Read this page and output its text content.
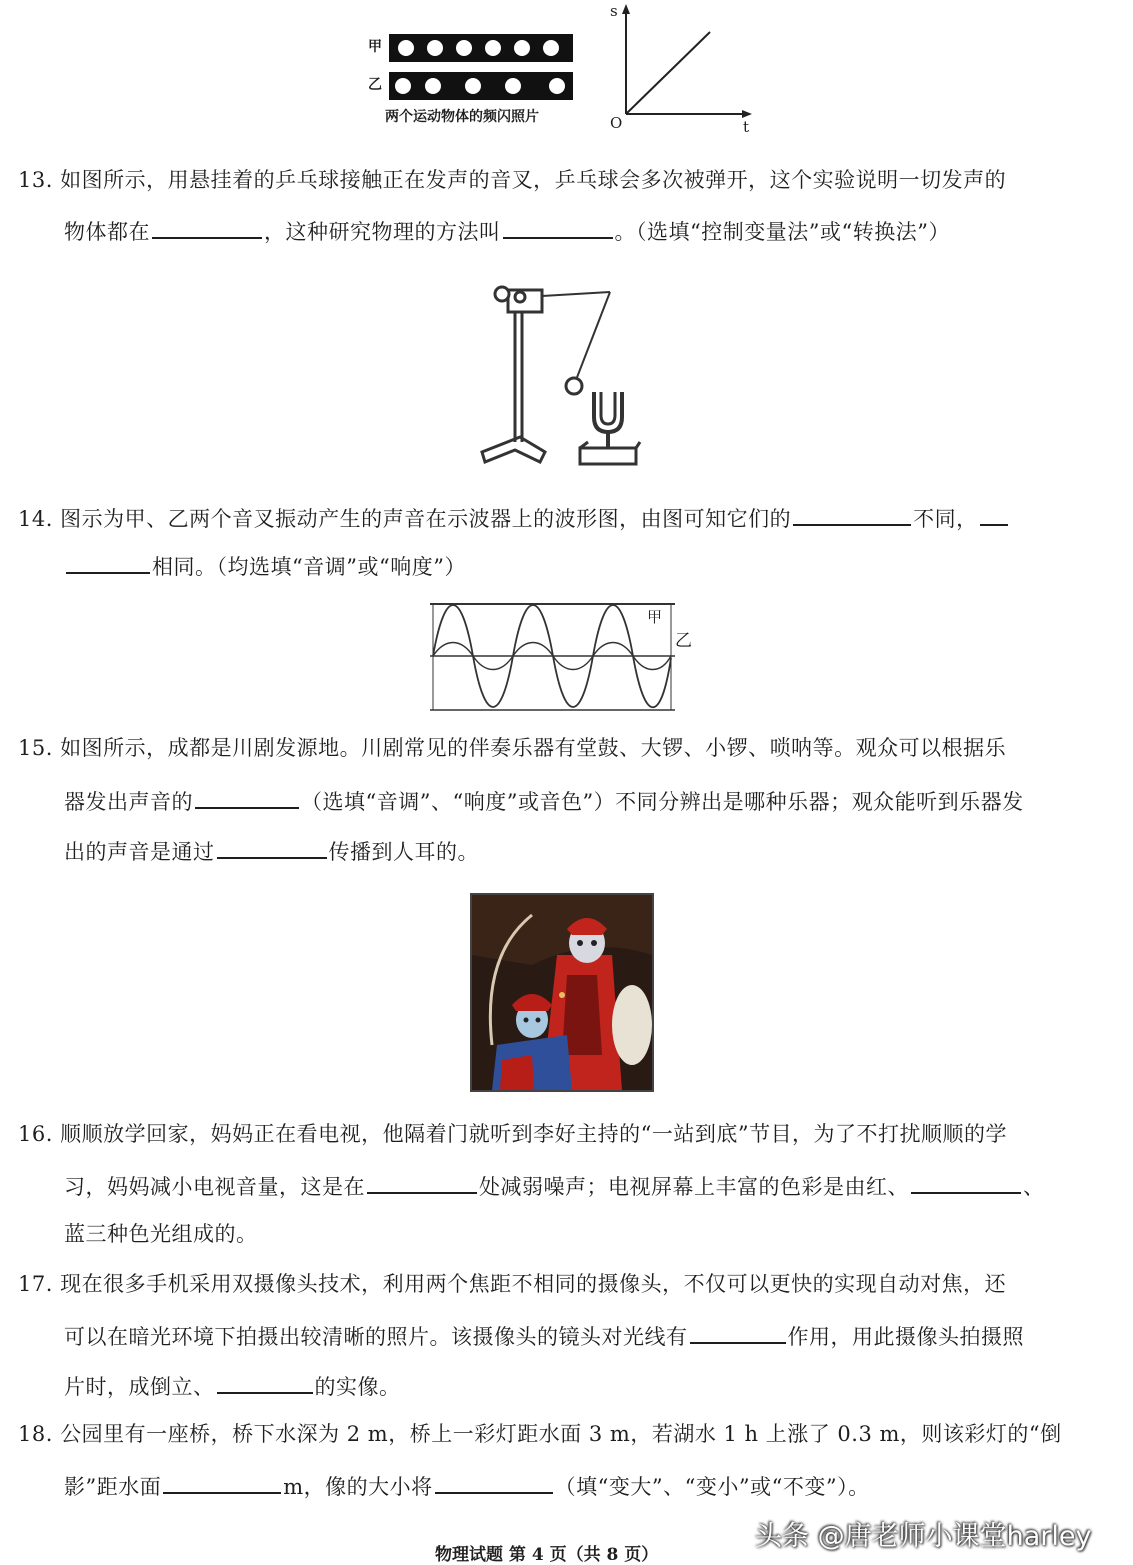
甲
乙
两个运动物体的频闪照片
s
t
O
13. 如图所示，用悬挂着的乒乓球接触正在发声的音叉，乒乓球会多次被弹开，这个实验说明一切发声的
物体都在	，这种研究物理的方法叫	。（选填“控制变量法”或“转换法”）
14. 图示为甲、乙两个音叉振动产生的声音在示波器上的波形图，由图可知它们的	不同，
相同。（均选填“音调”或“响度”）
甲
乙
15. 如图所示，成都是川剧发源地。川剧常见的伴奏乐器有堂鼓、大锣、小锣、唢呐等。观众可以根据乐
器发出声音的	（选填“音调”、“响度”或音色”）不同分辨出是哪种乐器；观众能听到乐器发
出的声音是通过	传播到人耳的。
16. 顺顺放学回家，妈妈正在看电视，他隔着门就听到李好主持的“一站到底”节目，为了不打扰顺顺的学
习，妈妈减小电视音量，这是在	处减弱噪声；电视屏幕上丰富的色彩是由红、	、
蓝三种色光组成的。
17. 现在很多手机采用双摄像头技术，利用两个焦距不相同的摄像头，不仅可以更快的实现自动对焦，还
可以在暗光环境下拍摄出较清晰的照片。该摄像头的镜头对光线有	作用，用此摄像头拍摄照
片时，成倒立、	的实像。
18. 公园里有一座桥，桥下水深为 2 m，桥上一彩灯距水面 3 m，若湖水 1 h 上涨了 0.3 m，则该彩灯的“倒
影”距水面	m，像的大小将	（填“变大”、“变小”或“不变”）。
头条 @唐老师小课堂harley
物理试题 第 4 页（共 8 页）
